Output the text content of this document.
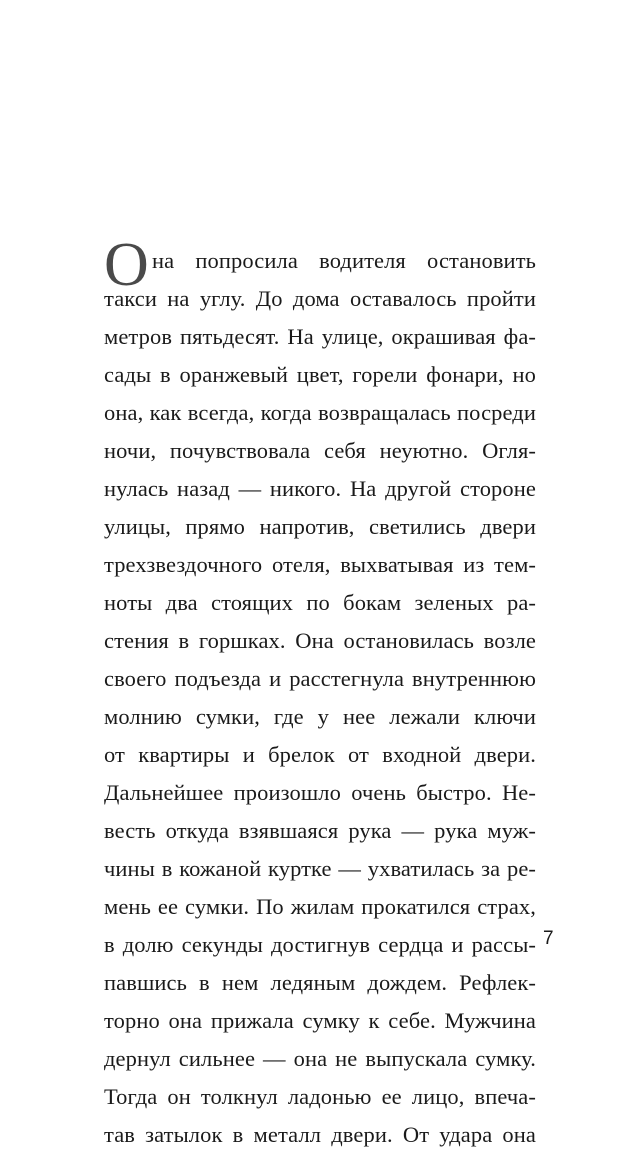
О на попросила водителя остановить
такси на углу. До дома оставалось пройти
метров пятьдесят. На улице, окрашивая фа-
сады в оранжевый цвет, горели фонари, но
она, как всегда, когда возвращалась посреди
ночи, почувствовала себя неуютно. Огля-
нулась назад — никого. На другой стороне
улицы, прямо напротив, светились двери
трехзвездочного отеля, выхватывая из тем-
ноты два стоящих по бокам зеленых ра-
стения в горшках. Она остановилась возле
своего подъезда и расстегнула внутреннюю
молнию сумки, где у нее лежали ключи
от квартиры и брелок от входной двери.
Дальнейшее произошло очень быстро. Не-
весть откуда взявшаяся рука — рука муж-
чины в кожаной куртке — ухватилась за ре-
мень ее сумки. По жилам прокатился страх,
в долю секунды достигнув сердца и рассы-
павшись в нем ледяным дождем. Рефлек-
торно она прижала сумку к себе. Мужчина
дернул сильнее — она не выпускала сумку.
Тогда он толкнул ладонью ее лицо, впеча-
тав затылок в металл двери. От удара она
7
